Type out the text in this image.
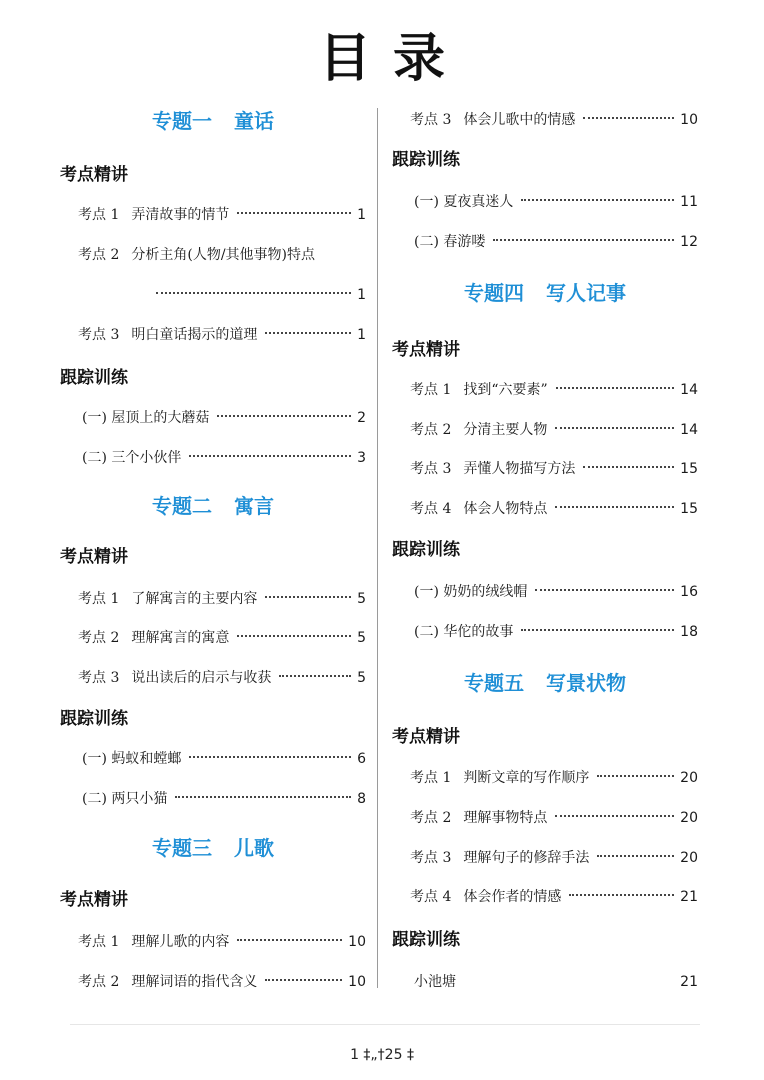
目录
专题一 童话
考点精讲
考点 1 弄清故事的情节	1
考点 2 分析主角(人物/其他事物)特点
1
考点 3 明白童话揭示的道理	1
跟踪训练
(一) 屋顶上的大蘑菇	2
(二) 三个小伙伴	3
专题二 寓言
考点精讲
考点 1 了解寓言的主要内容	5
考点 2 理解寓言的寓意	5
考点 3 说出读后的启示与收获	5
跟踪训练
(一) 蚂蚁和螳螂	6
(二) 两只小猫	8
专题三 儿歌
考点精讲
考点 1 理解儿歌的内容	10
考点 2 理解词语的指代含义	10
考点 3 体会儿歌中的情感	10
跟踪训练
(一) 夏夜真迷人	11
(二) 春游喽	12
专题四 写人记事
考点精讲
考点 1 找到“六要素”	14
考点 2 分清主要人物	14
考点 3 弄懂人物描写方法	15
考点 4 体会人物特点	15
跟踪训练
(一) 奶奶的绒线帽	16
(二) 华佗的故事	18
专题五 写景状物
考点精讲
考点 1 判断文章的写作顺序	20
考点 2 理解事物特点	20
考点 3 理解句子的修辞手法	20
考点 4 体会作者的情感	21
跟踪训练
小池塘	21
1 ‡„†25 ‡
